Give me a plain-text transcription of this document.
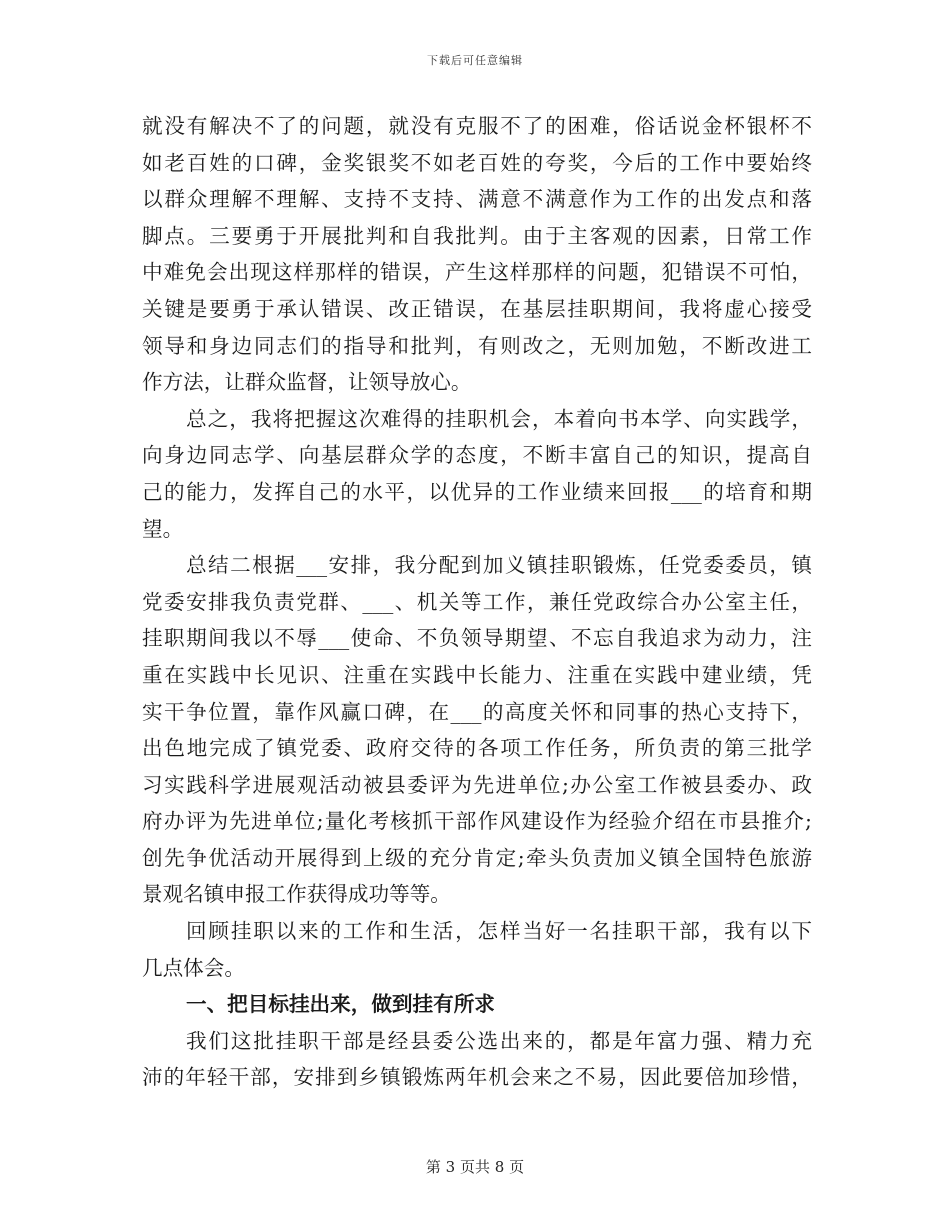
下载后可任意编辑
就没有解决不了的问题，就没有克服不了的困难，俗话说金杯银杯不
如老百姓的口碑，金奖银奖不如老百姓的夸奖，今后的工作中要始终
以群众理解不理解、支持不支持、满意不满意作为工作的出发点和落
脚点。三要勇于开展批判和自我批判。由于主客观的因素，日常工作
中难免会出现这样那样的错误，产生这样那样的问题，犯错误不可怕，
关键是要勇于承认错误、改正错误，在基层挂职期间，我将虚心接受
领导和身边同志们的指导和批判，有则改之，无则加勉，不断改进工
作方法，让群众监督，让领导放心。
总之，我将把握这次难得的挂职机会，本着向书本学、向实践学，
向身边同志学、向基层群众学的态度，不断丰富自己的知识，提高自
己的能力，发挥自己的水平，以优异的工作业绩来回报___的培育和期
望。
总结二根据___安排，我分配到加义镇挂职锻炼，任党委委员，镇
党委安排我负责党群、___、机关等工作，兼任党政综合办公室主任，
挂职期间我以不辱___使命、不负领导期望、不忘自我追求为动力，注
重在实践中长见识、注重在实践中长能力、注重在实践中建业绩，凭
实干争位置，靠作风赢口碑，在___的高度关怀和同事的热心支持下，
出色地完成了镇党委、政府交待的各项工作任务，所负责的第三批学
习实践科学进展观活动被县委评为先进单位;办公室工作被县委办、政
府办评为先进单位;量化考核抓干部作风建设作为经验介绍在市县推介;
创先争优活动开展得到上级的充分肯定;牵头负责加义镇全国特色旅游
景观名镇申报工作获得成功等等。
回顾挂职以来的工作和生活，怎样当好一名挂职干部，我有以下
几点体会。
一、把目标挂出来，做到挂有所求
我们这批挂职干部是经县委公选出来的，都是年富力强、精力充
沛的年轻干部，安排到乡镇锻炼两年机会来之不易，因此要倍加珍惜，
第 3 页共 8 页
